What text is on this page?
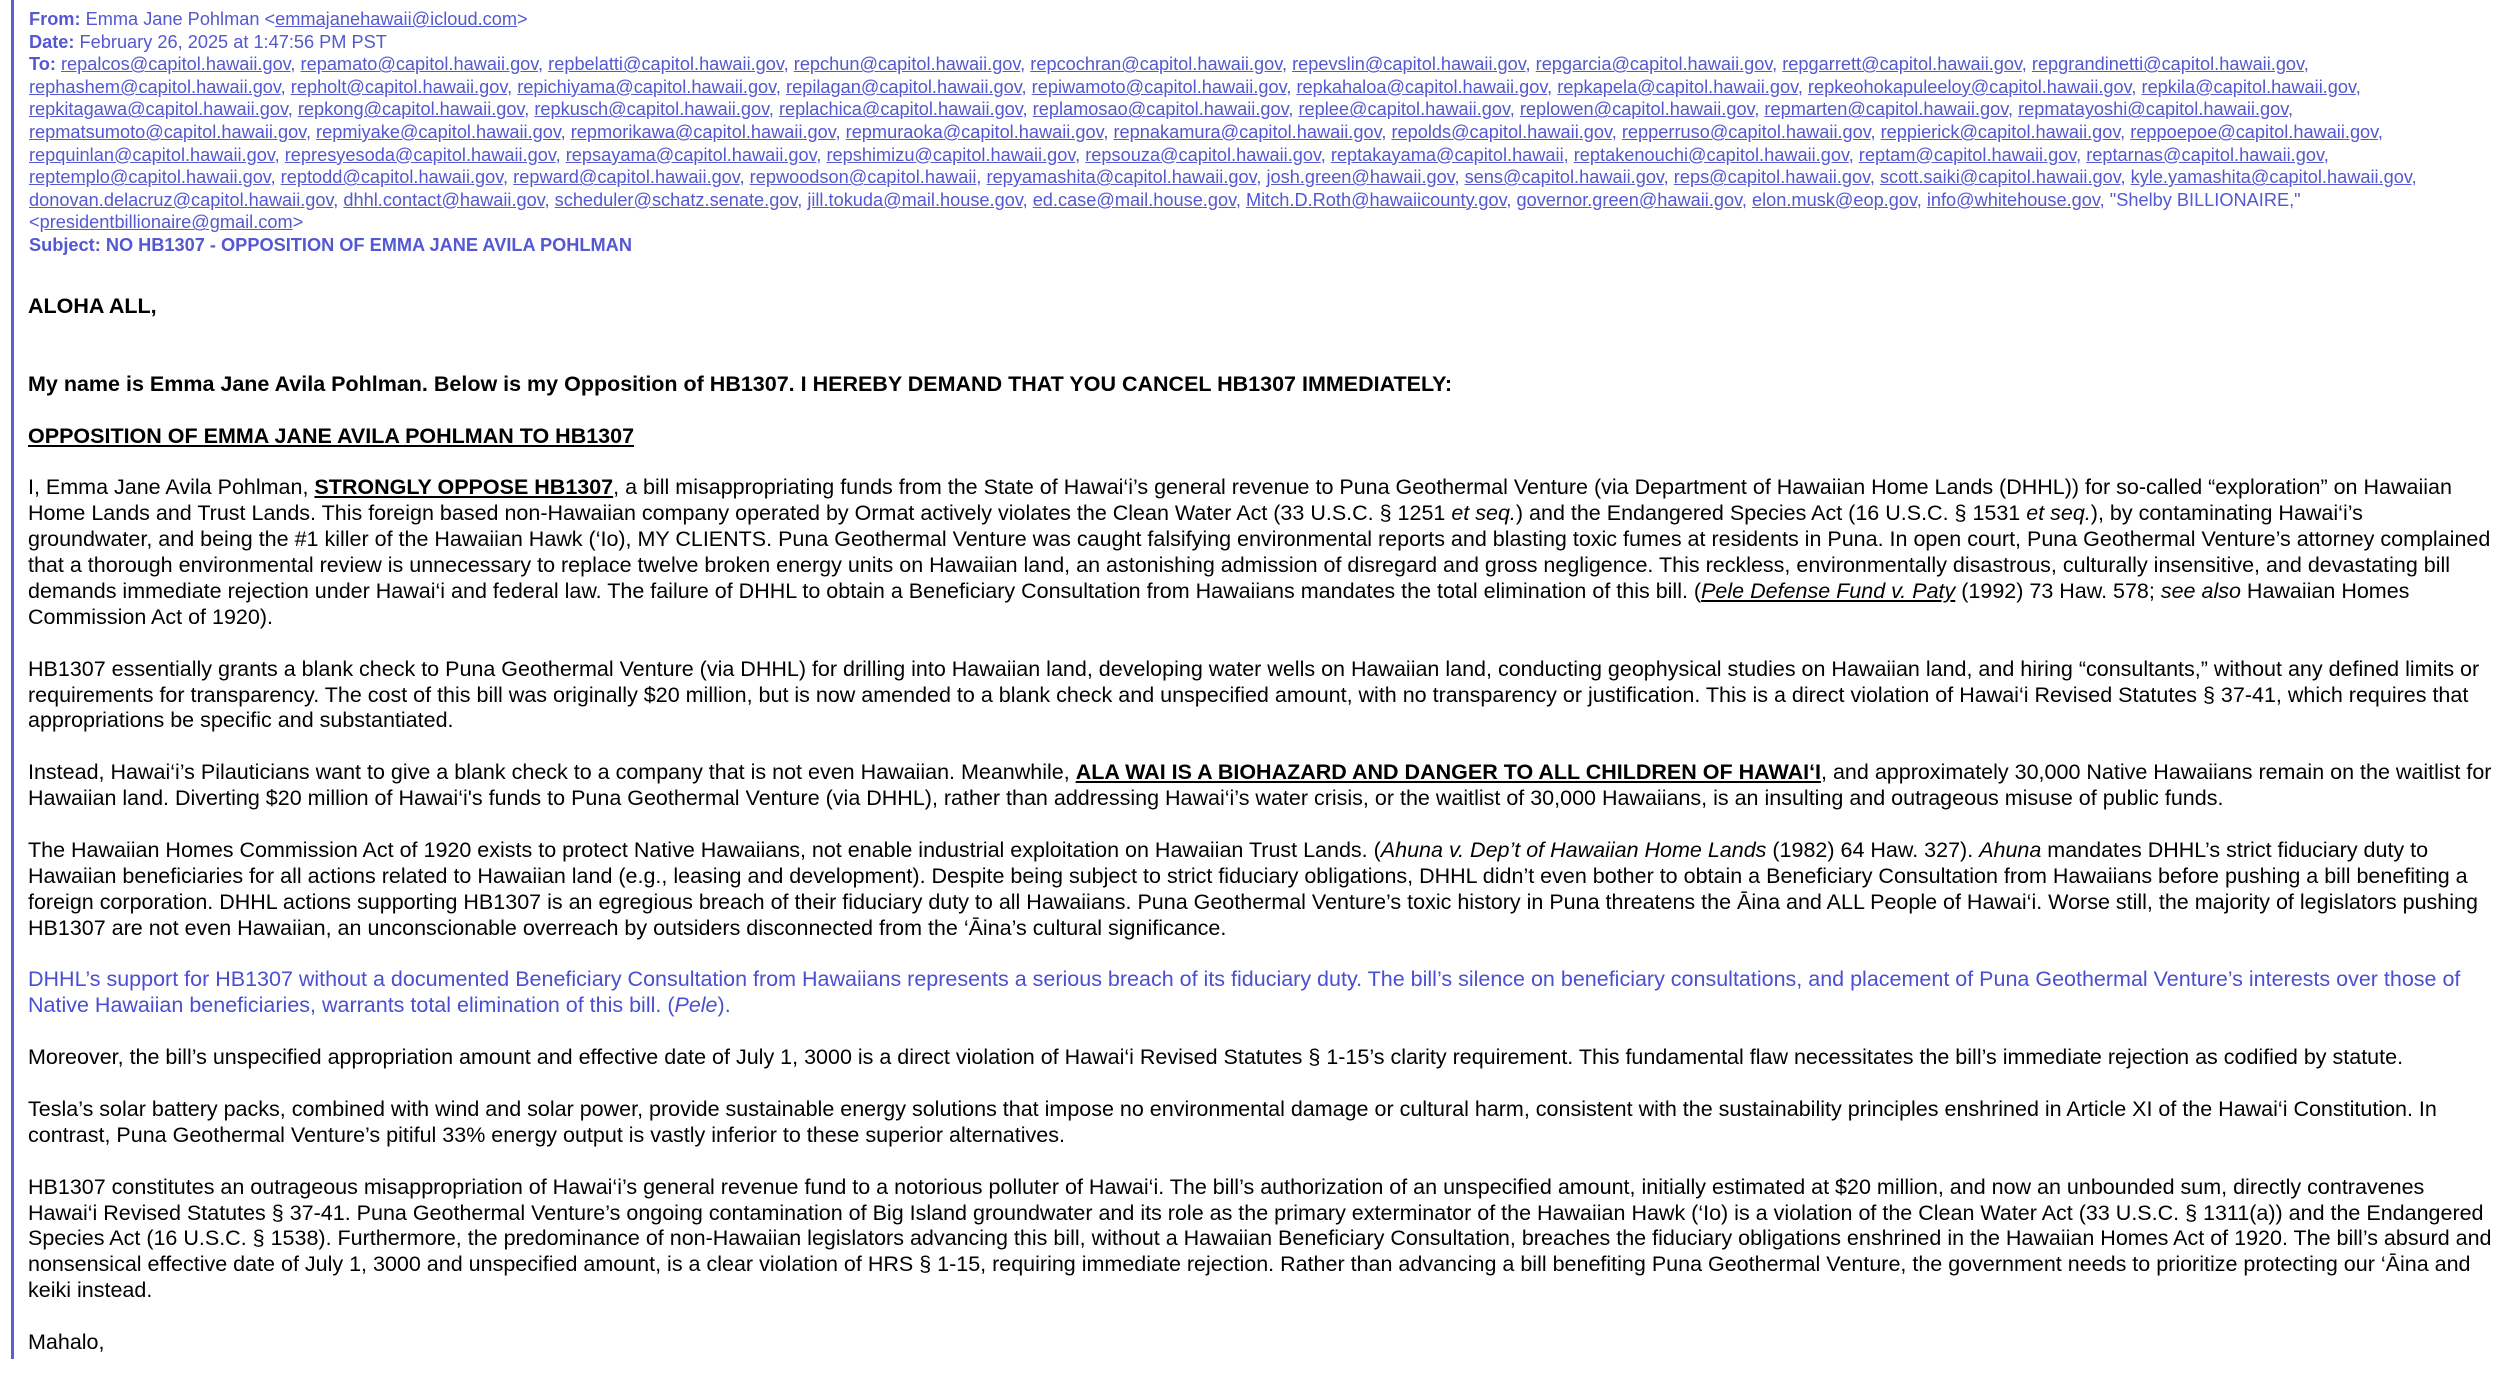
From: Emma Jane Pohlman <emmajanehawaii@icloud.com>
Date: February 26, 2025 at 1:47:56 PM PST
To: repalcos@capitol.hawaii.gov, repamato@capitol.hawaii.gov, repbelatti@capitol.hawaii.gov, repchun@capitol.hawaii.gov, repcochran@capitol.hawaii.gov, repevslin@capitol.hawaii.gov, repgarcia@capitol.hawaii.gov, repgarrett@capitol.hawaii.gov, repgrandinetti@capitol.hawaii.gov, rephashem@capitol.hawaii.gov, repholt@capitol.hawaii.gov, repichiyama@capitol.hawaii.gov, repilagan@capitol.hawaii.gov, repiwamoto@capitol.hawaii.gov, repkahaloa@capitol.hawaii.gov, repkapela@capitol.hawaii.gov, repkeohokapuleeloy@capitol.hawaii.gov, repkila@capitol.hawaii.gov, repkitagawa@capitol.hawaii.gov, repkong@capitol.hawaii.gov, repkusch@capitol.hawaii.gov, replachica@capitol.hawaii.gov, replamosao@capitol.hawaii.gov, replee@capitol.hawaii.gov, replowen@capitol.hawaii.gov, repmarten@capitol.hawaii.gov, repmatayoshi@capitol.hawaii.gov, repmatsumoto@capitol.hawaii.gov, repmiyake@capitol.hawaii.gov, repmorikawa@capitol.hawaii.gov, repmuraoka@capitol.hawaii.gov, repnakamura@capitol.hawaii.gov, repolds@capitol.hawaii.gov, repperruso@capitol.hawaii.gov, reppierick@capitol.hawaii.gov, reppoepoe@capitol.hawaii.gov, repquinlan@capitol.hawaii.gov, represyesoda@capitol.hawaii.gov, repsayama@capitol.hawaii.gov, repshimizu@capitol.hawaii.gov, repsouza@capitol.hawaii.gov, reptakayama@capitol.hawaii, reptakenouchi@capitol.hawaii.gov, reptam@capitol.hawaii.gov, reptarnas@capitol.hawaii.gov, reptemplo@capitol.hawaii.gov, reptodd@capitol.hawaii.gov, repward@capitol.hawaii.gov, repwoodson@capitol.hawaii, repyamashita@capitol.hawaii.gov, josh.green@hawaii.gov, sens@capitol.hawaii.gov, reps@capitol.hawaii.gov, scott.saiki@capitol.hawaii.gov, kyle.yamashita@capitol.hawaii.gov, donovan.delacruz@capitol.hawaii.gov, dhhl.contact@hawaii.gov, scheduler@schatz.senate.gov, jill.tokuda@mail.house.gov, ed.case@mail.house.gov, Mitch.D.Roth@hawaiicounty.gov, governor.green@hawaii.gov, elon.musk@eop.gov, info@whitehouse.gov, "Shelby BILLIONAIRE," <presidentbillionaire@gmail.com>
Subject: NO HB1307 - OPPOSITION OF EMMA JANE AVILA POHLMAN

ALOHA ALL,

My name is Emma Jane Avila Pohlman. Below is my Opposition of HB1307. I HEREBY DEMAND THAT YOU CANCEL HB1307 IMMEDIATELY:

OPPOSITION OF EMMA JANE AVILA POHLMAN TO HB1307

I, Emma Jane Avila Pohlman, STRONGLY OPPOSE HB1307, a bill misappropriating funds from the State of Hawai‘i’s general revenue to Puna Geothermal Venture (via Department of Hawaiian Home Lands (DHHL)) for so-called “exploration” on Hawaiian Home Lands and Trust Lands. This foreign based non-Hawaiian company operated by Ormat actively violates the Clean Water Act (33 U.S.C. § 1251 et seq.) and the Endangered Species Act (16 U.S.C. § 1531 et seq.), by contaminating Hawai‘i’s groundwater, and being the #1 killer of the Hawaiian Hawk (‘Io), MY CLIENTS. Puna Geothermal Venture was caught falsifying environmental reports and blasting toxic fumes at residents in Puna. In open court, Puna Geothermal Venture’s attorney complained that a thorough environmental review is unnecessary to replace twelve broken energy units on Hawaiian land, an astonishing admission of disregard and gross negligence. This reckless, environmentally disastrous, culturally insensitive, and devastating bill demands immediate rejection under Hawai‘i and federal law. The failure of DHHL to obtain a Beneficiary Consultation from Hawaiians mandates the total elimination of this bill. (Pele Defense Fund v. Paty (1992) 73 Haw. 578; see also Hawaiian Homes Commission Act of 1920).

HB1307 essentially grants a blank check to Puna Geothermal Venture (via DHHL) for drilling into Hawaiian land, developing water wells on Hawaiian land, conducting geophysical studies on Hawaiian land, and hiring “consultants,” without any defined limits or requirements for transparency. The cost of this bill was originally $20 million, but is now amended to a blank check and unspecified amount, with no transparency or justification. This is a direct violation of Hawai‘i Revised Statutes § 37-41, which requires that appropriations be specific and substantiated.

Instead, Hawai‘i’s Pilauticians want to give a blank check to a company that is not even Hawaiian. Meanwhile, ALA WAI IS A BIOHAZARD AND DANGER TO ALL CHILDREN OF HAWAI‘I, and approximately 30,000 Native Hawaiians remain on the waitlist for Hawaiian land. Diverting $20 million of Hawai‘i's funds to Puna Geothermal Venture (via DHHL), rather than addressing Hawai‘i’s water crisis, or the waitlist of 30,000 Hawaiians, is an insulting and outrageous misuse of public funds.

The Hawaiian Homes Commission Act of 1920 exists to protect Native Hawaiians, not enable industrial exploitation on Hawaiian Trust Lands. (Ahuna v. Dep’t of Hawaiian Home Lands (1982) 64 Haw. 327). Ahuna mandates DHHL’s strict fiduciary duty to Hawaiian beneficiaries for all actions related to Hawaiian land (e.g., leasing and development). Despite being subject to strict fiduciary obligations, DHHL didn’t even bother to obtain a Beneficiary Consultation from Hawaiians before pushing a bill benefiting a foreign corporation. DHHL actions supporting HB1307 is an egregious breach of their fiduciary duty to all Hawaiians. Puna Geothermal Venture’s toxic history in Puna threatens the Āina and ALL People of Hawai‘i. Worse still, the majority of legislators pushing HB1307 are not even Hawaiian, an unconscionable overreach by outsiders disconnected from the ‘Āina’s cultural significance.

DHHL’s support for HB1307 without a documented Beneficiary Consultation from Hawaiians represents a serious breach of its fiduciary duty. The bill’s silence on beneficiary consultations, and placement of Puna Geothermal Venture’s interests over those of Native Hawaiian beneficiaries, warrants total elimination of this bill. (Pele).

Moreover, the bill’s unspecified appropriation amount and effective date of July 1, 3000 is a direct violation of Hawai‘i Revised Statutes § 1-15’s clarity requirement. This fundamental flaw necessitates the bill’s immediate rejection as codified by statute.

Tesla’s solar battery packs, combined with wind and solar power, provide sustainable energy solutions that impose no environmental damage or cultural harm, consistent with the sustainability principles enshrined in Article XI of the Hawai‘i Constitution. In contrast, Puna Geothermal Venture’s pitiful 33% energy output is vastly inferior to these superior alternatives.

HB1307 constitutes an outrageous misappropriation of Hawai‘i’s general revenue fund to a notorious polluter of Hawai‘i. The bill’s authorization of an unspecified amount, initially estimated at $20 million, and now an unbounded sum, directly contravenes Hawai‘i Revised Statutes § 37-41. Puna Geothermal Venture’s ongoing contamination of Big Island groundwater and its role as the primary exterminator of the Hawaiian Hawk (‘Io) is a violation of the Clean Water Act (33 U.S.C. § 1311(a)) and the Endangered Species Act (16 U.S.C. § 1538). Furthermore, the predominance of non-Hawaiian legislators advancing this bill, without a Hawaiian Beneficiary Consultation, breaches the fiduciary obligations enshrined in the Hawaiian Homes Act of 1920. The bill’s absurd and nonsensical effective date of July 1, 3000 and unspecified amount, is a clear violation of HRS § 1-15, requiring immediate rejection. Rather than advancing a bill benefiting Puna Geothermal Venture, the government needs to prioritize protecting our ‘Āina and keiki instead.

Mahalo,
